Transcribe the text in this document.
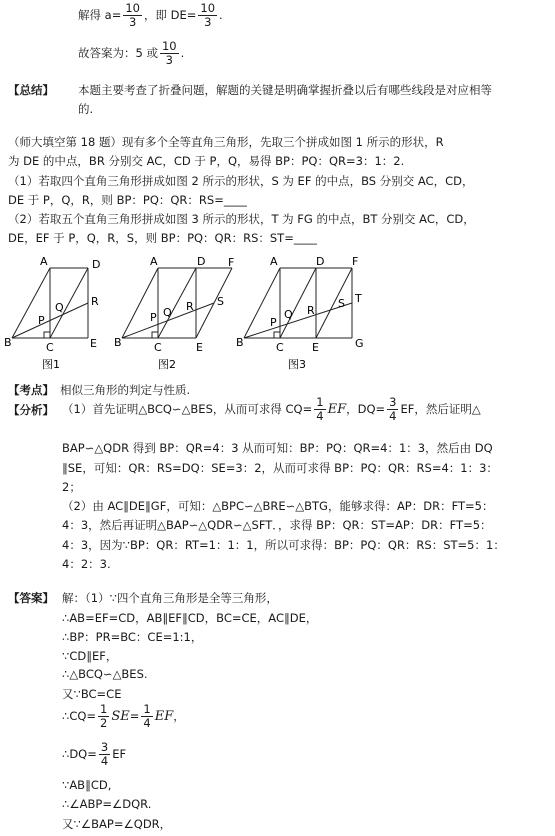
解得 $a= \frac{10}{3}$ ，即 $DE= \frac{10}{3}$ .
故答案为：5 或 $\frac{10}{3}$ .
【总结】 本题主要考查了折叠问题，解题的关键是明确掌握折叠以后有哪些线段是对应相等
的.
（师大填空第 18 题）现有多个全等直角三角形，先取三个拼成如图 1 所示的形状，R
为 DE 的中点，BR 分别交 AC，CD 于 P，Q，易得 BP：PQ：QR=3：1：2.
（1）若取四个直角三角形拼成如图 2 所示的形状，S 为 EF 的中点，BS 分别交 AC，CD，
DE 于 P，Q，R，则 BP：PQ：QR：RS=____
（2）若取五个直角三角形拼成如图 3 所示的形状，T 为 FG 的中点，BT 分别交 AC，CD，
DE，EF 于 P，Q，R，S，则 BP：PQ：QR：RS：ST=____
A	D
B	C	E
P
Q R
图1
A	D F
B	C	E
P Q R S
图2
A	D	F
B	C	E	G
P
Q R
S T
图3
【考点】 相似三角形的判定与性质.
【分析】 （1）首先证明△BCQ∽△BES，从而可求得 $CQ= \frac{1}{4}$ EF，$DQ= \frac{3}{4}$ EF，然后证明△
BAP∽△QDR 得到 BP：QR=4：3 从而可知：BP：PQ：QR=4：1：3，然后由 DQ
∥SE，可知：QR：RS=DQ：SE=3：2，从而可求得 BP：PQ：QR：RS=4：1：3：
2；
（2）由 AC∥DE∥GF，可知：△BPC∽△BRE∽△BTG，能够求得：AP：DR：FT=5：
4：3，然后再证明△BAP∽△QDR∽△SFT．，求得 BP：QR：ST=AP：DR：FT=5：
4：3，因为∵BP：QR：RT=1：1：1，所以可求得：BP：PQ：QR：RS：ST=5：1：
4：2：3.
【答案】 解：（1）∵四个直角三角形是全等三角形，
∴AB=EF=CD，AB∥EF∥CD，BC=CE，AC∥DE，
∴BP：PR=BC：CE=1:1，
∵CD∥EF，
∴△BCQ∽△BES.
又∵BC=CE
∴CQ= $\frac{1}{2} SE= \frac{1}{4}$ EF，
∴DQ= $\frac{3}{4}$ EF
∵AB∥CD,
∴∠ABP=∠DQR.
又∵∠BAP=∠QDR，
